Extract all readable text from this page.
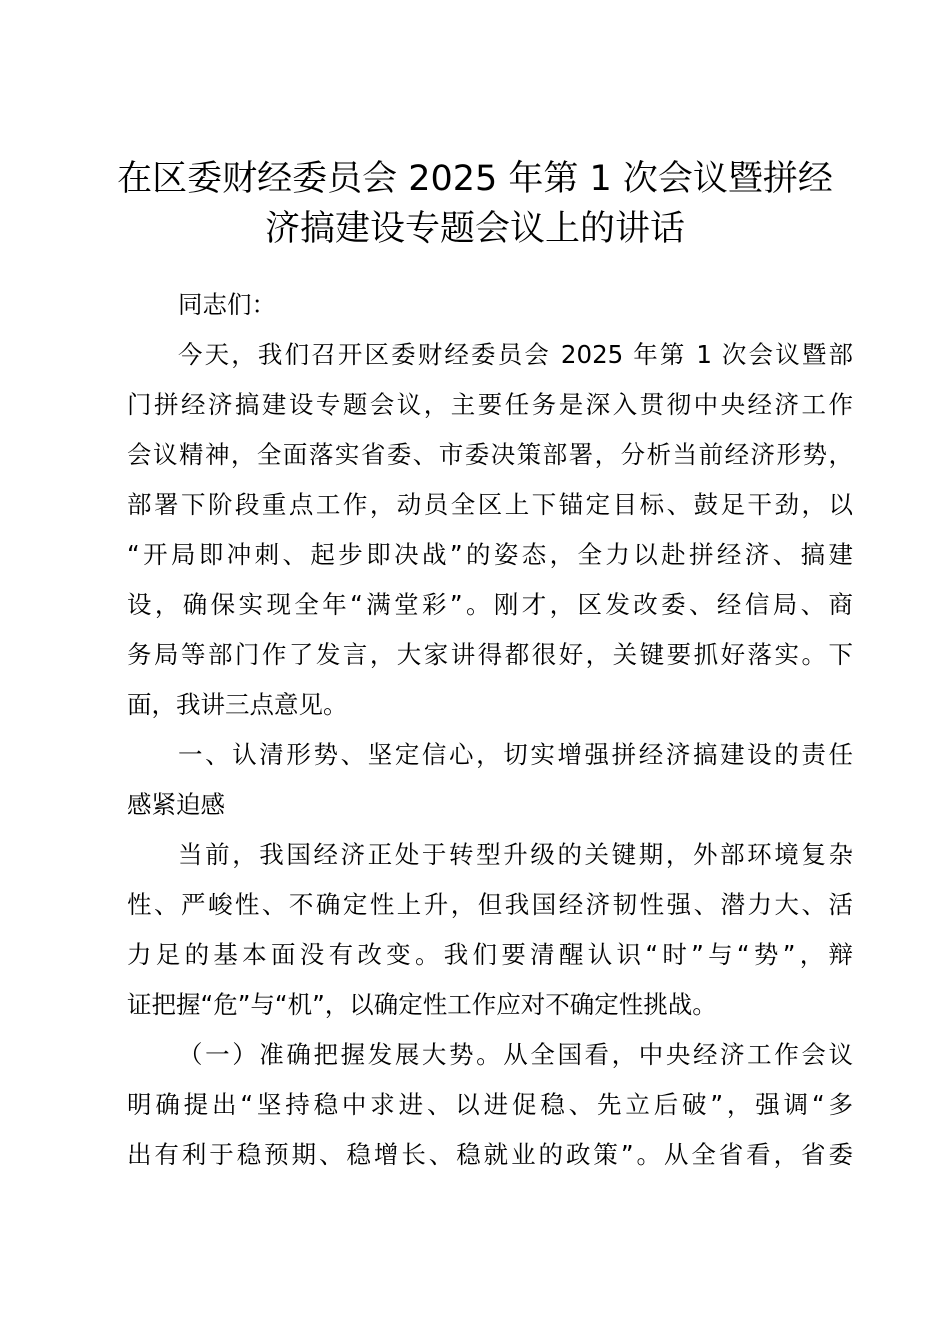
在区委财经委员会 2025 年第 1 次会议暨拼经
济搞建设专题会议上的讲话
同志们：
今天，我们召开区委财经委员会 2025 年第 1 次会议暨部
门拼经济搞建设专题会议，主要任务是深入贯彻中央经济工作
会议精神，全面落实省委、市委决策部署，分析当前经济形势，
部署下阶段重点工作，动员全区上下锚定目标、鼓足干劲，以
“开局即冲刺、起步即决战”的姿态，全力以赴拼经济、搞建
设，确保实现全年“满堂彩”。刚才，区发改委、经信局、商
务局等部门作了发言，大家讲得都很好，关键要抓好落实。下
面，我讲三点意见。
一、认清形势、坚定信心，切实增强拼经济搞建设的责任
感紧迫感
当前，我国经济正处于转型升级的关键期，外部环境复杂
性、严峻性、不确定性上升，但我国经济韧性强、潜力大、活
力足的基本面没有改变。我们要清醒认识“时”与“势”，辩
证把握“危”与“机”，以确定性工作应对不确定性挑战。
（一）准确把握发展大势。从全国看，中央经济工作会议
明确提出“坚持稳中求进、以进促稳、先立后破”，强调“多
出有利于稳预期、稳增长、稳就业的政策”。从全省看，省委
